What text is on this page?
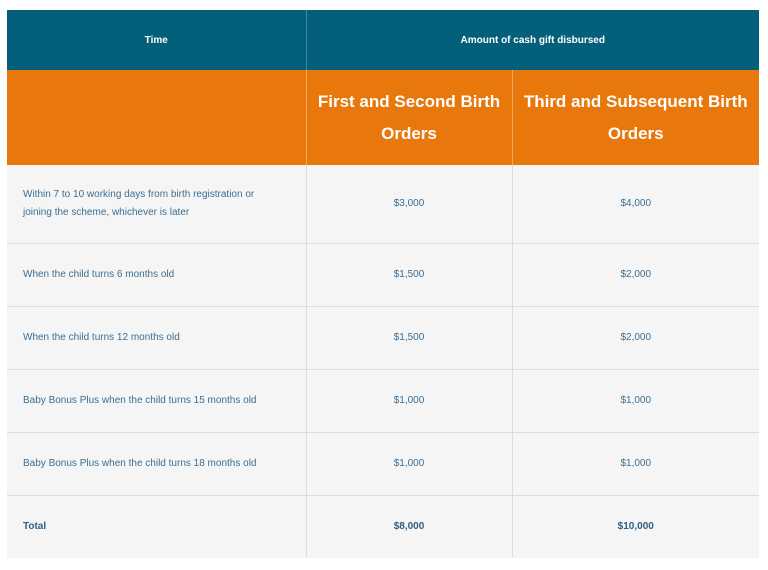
Time	Amount of cash gift disbursed	
	First and Second Birth Orders	Third and Subsequent Birth Orders
Within 7 to 10 working days from birth registration or joining the scheme, whichever is later	$3,000	$4,000
When the child turns 6 months old	$1,500	$2,000
When the child turns 12 months old	$1,500	$2,000
Baby Bonus Plus when the child turns 15 months old	$1,000	$1,000
Baby Bonus Plus when the child turns 18 months old	$1,000	$1,000
Total	$8,000	$10,000
